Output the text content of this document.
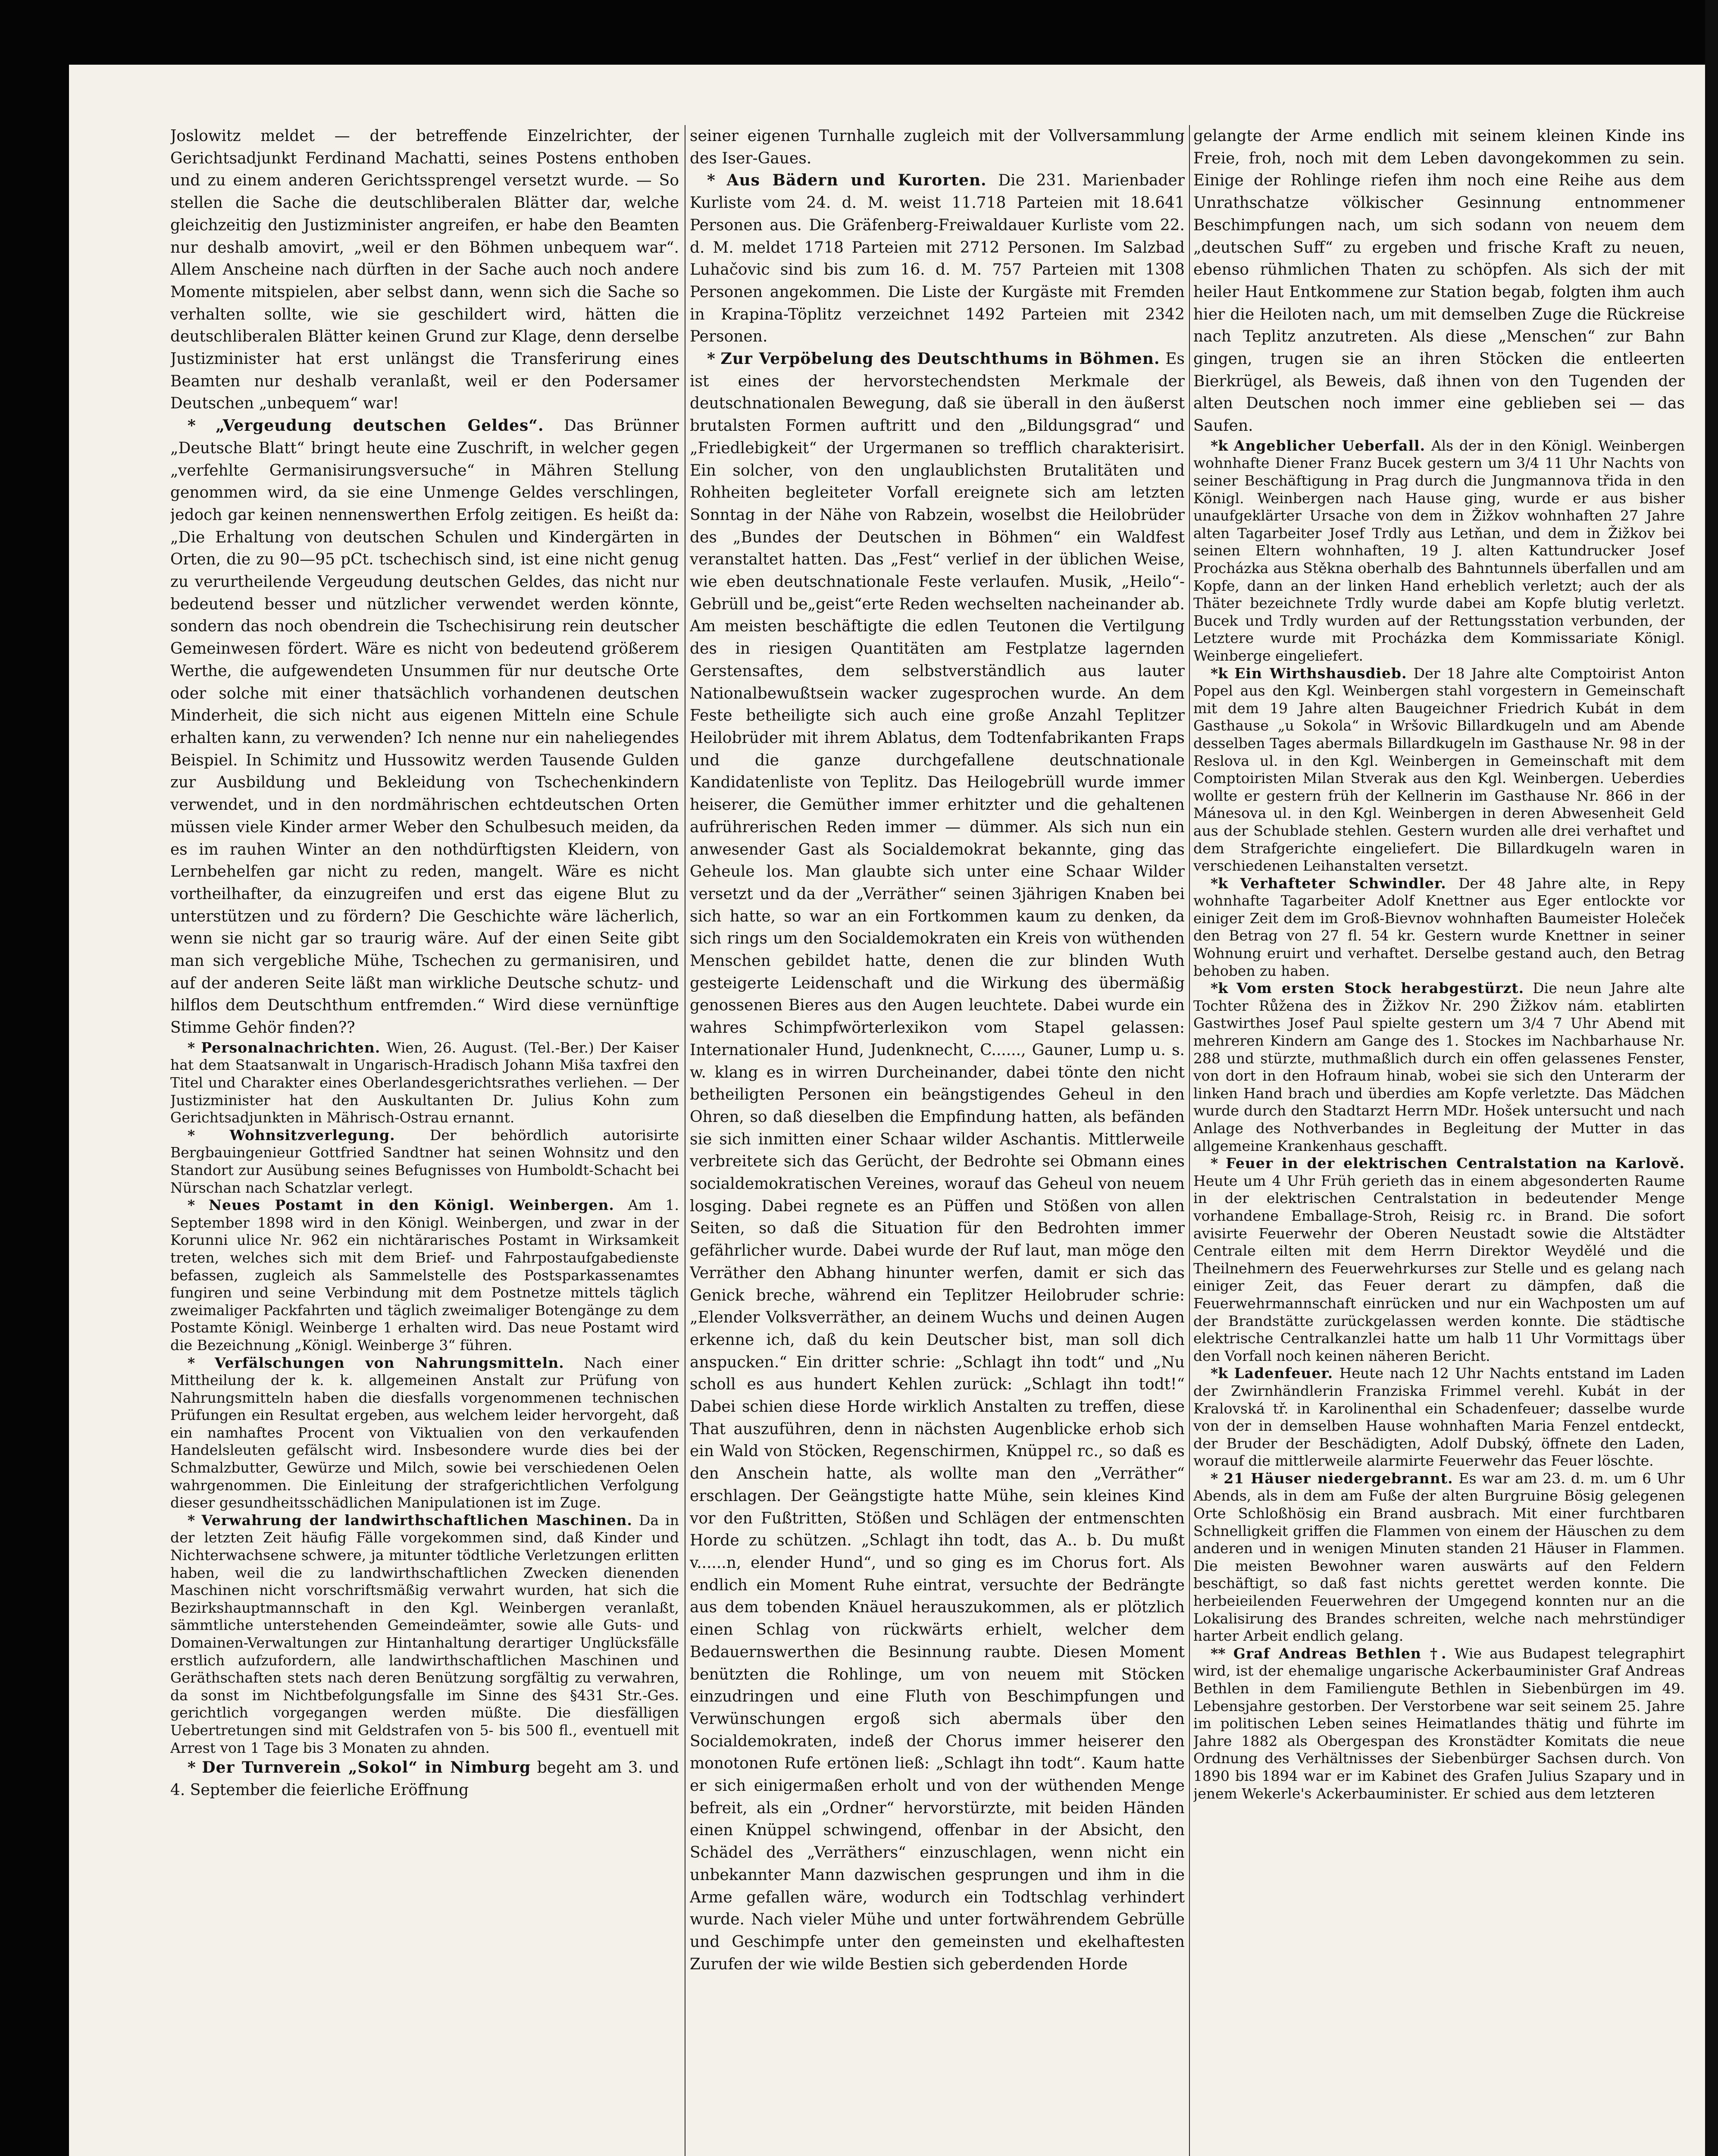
Joslowitz meldet — der betreffende Einzelrichter, der Gerichtsadjunkt Ferdinand Machatti, seines Postens enthoben und zu einem anderen Gerichtssprengel versetzt wurde. — So stellen die Sache die deutschliberalen Blätter dar, welche gleichzeitig den Justizminister angreifen, er habe den Beamten nur deshalb amovirt, „weil er den Böhmen unbequem war“. Allem Anscheine nach dürften in der Sache auch noch andere Momente mitspielen, aber selbst dann, wenn sich die Sache so verhalten sollte, wie sie geschildert wird, hätten die deutschliberalen Blätter keinen Grund zur Klage, denn derselbe Justizminister hat erst unlängst die Transferirung eines Beamten nur deshalb veranlaßt, weil er den Podersamer Deutschen „unbequem“ war!

* „Vergeudung deutschen Geldes“. Das Brünner „Deutsche Blatt“ bringt heute eine Zuschrift, in welcher gegen „verfehlte Germanisirungsversuche“ in Mähren Stellung genommen wird, da sie eine Unmenge Geldes verschlingen, jedoch gar keinen nennenswerthen Erfolg zeitigen. Es heißt da: „Die Erhaltung von deutschen Schulen und Kindergärten in Orten, die zu 90—95 pCt. tschechisch sind, ist eine nicht genug zu verurtheilende Vergeudung deutschen Geldes, das nicht nur bedeutend besser und nützlicher verwendet werden könnte, sondern das noch obendrein die Tschechisirung rein deutscher Gemeinwesen fördert. Wäre es nicht von bedeutend größerem Werthe, die aufgewendeten Unsummen für nur deutsche Orte oder solche mit einer thatsächlich vorhandenen deutschen Minderheit, die sich nicht aus eigenen Mitteln eine Schule erhalten kann, zu verwenden? Ich nenne nur ein naheliegendes Beispiel. In Schimitz und Hussowitz werden Tausende Gulden zur Ausbildung und Bekleidung von Tschechenkindern verwendet, und in den nordmährischen echtdeutschen Orten müssen viele Kinder armer Weber den Schulbesuch meiden, da es im rauhen Winter an den nothdürftigsten Kleidern, von Lernbehelfen gar nicht zu reden, mangelt. Wäre es nicht vortheilhafter, da einzugreifen und erst das eigene Blut zu unterstützen und zu fördern? Die Geschichte wäre lächerlich, wenn sie nicht gar so traurig wäre. Auf der einen Seite gibt man sich vergebliche Mühe, Tschechen zu germanisiren, und auf der anderen Seite läßt man wirkliche Deutsche schutz- und hilflos dem Deutschthum entfremden.“ Wird diese vernünftige Stimme Gehör finden??

* Personalnachrichten. Wien, 26. August. (Tel.-Ber.) Der Kaiser hat dem Staatsanwalt in Ungarisch-Hradisch Johann Miša taxfrei den Titel und Charakter eines Oberlandesgerichtsrathes verliehen. — Der Justizminister hat den Auskultanten Dr. Julius Kohn zum Gerichtsadjunkten in Mährisch-Ostrau ernannt.

* Wohnsitzverlegung. Der behördlich autorisirte Bergbauingenieur Gottfried Sandtner hat seinen Wohnsitz und den Standort zur Ausübung seines Befugnisses von Humboldt-Schacht bei Nürschan nach Schatzlar verlegt.

* Neues Postamt in den Königl. Weinbergen. Am 1. September 1898 wird in den Königl. Weinbergen, und zwar in der Korunni ulice Nr. 962 ein nichtärarisches Postamt in Wirksamkeit treten, welches sich mit dem Brief- und Fahrpostaufgabedienste befassen, zugleich als Sammelstelle des Postsparkassenamtes fungiren und seine Verbindung mit dem Postnetze mittels täglich zweimaliger Packfahrten und täglich zweimaliger Botengänge zu dem Postamte Königl. Weinberge 1 erhalten wird. Das neue Postamt wird die Bezeichnung „Königl. Weinberge 3“ führen.

* Verfälschungen von Nahrungsmitteln. Nach einer Mittheilung der k. k. allgemeinen Anstalt zur Prüfung von Nahrungsmitteln haben die diesfalls vorgenommenen technischen Prüfungen ein Resultat ergeben, aus welchem leider hervorgeht, daß ein namhaftes Procent von Viktualien von den verkaufenden Handelsleuten gefälscht wird. Insbesondere wurde dies bei der Schmalzbutter, Gewürze und Milch, sowie bei verschiedenen Oelen wahrgenommen. Die Einleitung der strafgerichtlichen Verfolgung dieser gesundheitsschädlichen Manipulationen ist im Zuge.

* Verwahrung der landwirthschaftlichen Maschinen. Da in der letzten Zeit häufig Fälle vorgekommen sind, daß Kinder und Nichterwachsene schwere, ja mitunter tödtliche Verletzungen erlitten haben, weil die zu landwirthschaftlichen Zwecken dienenden Maschinen nicht vorschriftsmäßig verwahrt wurden, hat sich die Bezirkshauptmannschaft in den Kgl. Weinbergen veranlaßt, sämmtliche unterstehenden Gemeindeämter, sowie alle Guts- und Domainen-Verwaltungen zur Hintanhaltung derartiger Unglücksfälle erstlich aufzufordern, alle landwirthschaftlichen Maschinen und Geräthschaften stets nach deren Benützung sorgfältig zu verwahren, da sonst im Nichtbefolgungsfalle im Sinne des §431 Str.-Ges. gerichtlich vorgegangen werden müßte. Die diesfälligen Uebertretungen sind mit Geldstrafen von 5- bis 500 fl., eventuell mit Arrest von 1 Tage bis 3 Monaten zu ahnden.

* Der Turnverein „Sokol“ in Nimburg begeht am 3. und 4. September die feierliche Eröffnung

seiner eigenen Turnhalle zugleich mit der Vollversammlung des Iser-Gaues.

* Aus Bädern und Kurorten. Die 231. Marienbader Kurliste vom 24. d. M. weist 11.718 Parteien mit 18.641 Personen aus. Die Gräfenberg-Freiwaldauer Kurliste vom 22. d. M. meldet 1718 Parteien mit 2712 Personen. Im Salzbad Luhačovic sind bis zum 16. d. M. 757 Parteien mit 1308 Personen angekommen. Die Liste der Kurgäste mit Fremden in Krapina-Töplitz verzeichnet 1492 Parteien mit 2342 Personen.

* Zur Verpöbelung des Deutschthums in Böhmen. Es ist eines der hervorstechendsten Merkmale der deutschnationalen Bewegung, daß sie überall in den äußerst brutalsten Formen auftritt und den „Bildungsgrad“ und „Friedlebigkeit“ der Urgermanen so trefflich charakterisirt. Ein solcher, von den unglaublichsten Brutalitäten und Rohheiten begleiteter Vorfall ereignete sich am letzten Sonntag in der Nähe von Rabzein, woselbst die Heilobrüder des „Bundes der Deutschen in Böhmen“ ein Waldfest veranstaltet hatten. Das „Fest“ verlief in der üblichen Weise, wie eben deutschnationale Feste verlaufen. Musik, „Heilo“-Gebrüll und be„geist“erte Reden wechselten nacheinander ab. Am meisten beschäftigte die edlen Teutonen die Vertilgung des in riesigen Quantitäten am Festplatze lagernden Gerstensaftes, dem selbstverständlich aus lauter Nationalbewußtsein wacker zugesprochen wurde. An dem Feste betheiligte sich auch eine große Anzahl Teplitzer Heilobrüder mit ihrem Ablatus, dem Todtenfabrikanten Fraps und die ganze durchgefallene deutschnationale Kandidatenliste von Teplitz. Das Heilogebrüll wurde immer heiserer, die Gemüther immer erhitzter und die gehaltenen aufrührerischen Reden immer — dümmer. Als sich nun ein anwesender Gast als Socialdemokrat bekannte, ging das Geheule los. Man glaubte sich unter eine Schaar Wilder versetzt und da der „Verräther“ seinen 3jährigen Knaben bei sich hatte, so war an ein Fortkommen kaum zu denken, da sich rings um den Socialdemokraten ein Kreis von wüthenden Menschen gebildet hatte, denen die zur blinden Wuth gesteigerte Leidenschaft und die Wirkung des übermäßig genossenen Bieres aus den Augen leuchtete. Dabei wurde ein wahres Schimpfwörterlexikon vom Stapel gelassen: Internationaler Hund, Judenknecht, C......, Gauner, Lump u. s. w. klang es in wirren Durcheinander, dabei tönte den nicht betheiligten Personen ein beängstigendes Geheul in den Ohren, so daß dieselben die Empfindung hatten, als befänden sie sich inmitten einer Schaar wilder Aschantis. Mittlerweile verbreitete sich das Gerücht, der Bedrohte sei Obmann eines socialdemokratischen Vereines, worauf das Geheul von neuem losging. Dabei regnete es an Püffen und Stößen von allen Seiten, so daß die Situation für den Bedrohten immer gefährlicher wurde. Dabei wurde der Ruf laut, man möge den Verräther den Abhang hinunter werfen, damit er sich das Genick breche, während ein Teplitzer Heilobruder schrie: „Elender Volksverräther, an deinem Wuchs und deinen Augen erkenne ich, daß du kein Deutscher bist, man soll dich anspucken.“ Ein dritter schrie: „Schlagt ihn todt“ und „Nu scholl es aus hundert Kehlen zurück: „Schlagt ihn todt!“ Dabei schien diese Horde wirklich Anstalten zu treffen, diese That auszuführen, denn in nächsten Augenblicke erhob sich ein Wald von Stöcken, Regenschirmen, Knüppel rc., so daß es den Anschein hatte, als wollte man den „Verräther“ erschlagen. Der Geängstigte hatte Mühe, sein kleines Kind vor den Fußtritten, Stößen und Schlägen der entmenschten Horde zu schützen. „Schlagt ihn todt, das A.. b. Du mußt v......n, elender Hund“, und so ging es im Chorus fort. Als endlich ein Moment Ruhe eintrat, versuchte der Bedrängte aus dem tobenden Knäuel herauszukommen, als er plötzlich einen Schlag von rückwärts erhielt, welcher dem Bedauernswerthen die Besinnung raubte. Diesen Moment benützten die Rohlinge, um von neuem mit Stöcken einzudringen und eine Fluth von Beschimpfungen und Verwünschungen ergoß sich abermals über den Socialdemokraten, indeß der Chorus immer heiserer den monotonen Rufe ertönen ließ: „Schlagt ihn todt“. Kaum hatte er sich einigermaßen erholt und von der wüthenden Menge befreit, als ein „Ordner“ hervorstürzte, mit beiden Händen einen Knüppel schwingend, offenbar in der Absicht, den Schädel des „Verräthers“ einzuschlagen, wenn nicht ein unbekannter Mann dazwischen gesprungen und ihm in die Arme gefallen wäre, wodurch ein Todtschlag verhindert wurde. Nach vieler Mühe und unter fortwährendem Gebrülle und Geschimpfe unter den gemeinsten und ekelhaftesten Zurufen der wie wilde Bestien sich geberdenden Horde

gelangte der Arme endlich mit seinem kleinen Kinde ins Freie, froh, noch mit dem Leben davongekommen zu sein. Einige der Rohlinge riefen ihm noch eine Reihe aus dem Unrathschatze völkischer Gesinnung entnommener Beschimpfungen nach, um sich sodann von neuem dem „deutschen Suff“ zu ergeben und frische Kraft zu neuen, ebenso rühmlichen Thaten zu schöpfen. Als sich der mit heiler Haut Entkommene zur Station begab, folgten ihm auch hier die Heiloten nach, um mit demselben Zuge die Rückreise nach Teplitz anzutreten. Als diese „Menschen“ zur Bahn gingen, trugen sie an ihren Stöcken die entleerten Bierkrügel, als Beweis, daß ihnen von den Tugenden der alten Deutschen noch immer eine geblieben sei — das Saufen.

*k Angeblicher Ueberfall. Als der in den Königl. Weinbergen wohnhafte Diener Franz Bucek gestern um 3/4 11 Uhr Nachts von seiner Beschäftigung in Prag durch die Jungmannova třida in den Königl. Weinbergen nach Hause ging, wurde er aus bisher unaufgeklärter Ursache von dem in Žižkov wohnhaften 27 Jahre alten Tagarbeiter Josef Trdly aus Letňan, und dem in Žižkov bei seinen Eltern wohnhaften, 19 J. alten Kattundrucker Josef Procházka aus Stěkna oberhalb des Bahntunnels überfallen und am Kopfe, dann an der linken Hand erheblich verletzt; auch der als Thäter bezeichnete Trdly wurde dabei am Kopfe blutig verletzt. Bucek und Trdly wurden auf der Rettungsstation verbunden, der Letztere wurde mit Procházka dem Kommissariate Königl. Weinberge eingeliefert.

*k Ein Wirthshausdieb. Der 18 Jahre alte Comptoirist Anton Popel aus den Kgl. Weinbergen stahl vorgestern in Gemeinschaft mit dem 19 Jahre alten Baugeichner Friedrich Kubát in dem Gasthause „u Sokola“ in Wršovic Billardkugeln und am Abende desselben Tages abermals Billardkugeln im Gasthause Nr. 98 in der Reslova ul. in den Kgl. Weinbergen in Gemeinschaft mit dem Comptoiristen Milan Stverak aus den Kgl. Weinbergen. Ueberdies wollte er gestern früh der Kellnerin im Gasthause Nr. 866 in der Mánesova ul. in den Kgl. Weinbergen in deren Abwesenheit Geld aus der Schublade stehlen. Gestern wurden alle drei verhaftet und dem Strafgerichte eingeliefert. Die Billardkugeln waren in verschiedenen Leihanstalten versetzt.

*k Verhafteter Schwindler. Der 48 Jahre alte, in Repy wohnhafte Tagarbeiter Adolf Knettner aus Eger entlockte vor einiger Zeit dem im Groß-Bievnov wohnhaften Baumeister Holeček den Betrag von 27 fl. 54 kr. Gestern wurde Knettner in seiner Wohnung eruirt und verhaftet. Derselbe gestand auch, den Betrag behoben zu haben.

*k Vom ersten Stock herabgestürzt. Die neun Jahre alte Tochter Růžena des in Žižkov Nr. 290 Žižkov nám. etablirten Gastwirthes Josef Paul spielte gestern um 3/4 7 Uhr Abend mit mehreren Kindern am Gange des 1. Stockes im Nachbarhause Nr. 288 und stürzte, muthmaßlich durch ein offen gelassenes Fenster, von dort in den Hofraum hinab, wobei sie sich den Unterarm der linken Hand brach und überdies am Kopfe verletzte. Das Mädchen wurde durch den Stadtarzt Herrn MDr. Hošek untersucht und nach Anlage des Nothverbandes in Begleitung der Mutter in das allgemeine Krankenhaus geschafft.

* Feuer in der elektrischen Centralstation na Karlově. Heute um 4 Uhr Früh gerieth das in einem abgesonderten Raume in der elektrischen Centralstation in bedeutender Menge vorhandene Emballage-Stroh, Reisig rc. in Brand. Die sofort avisirte Feuerwehr der Oberen Neustadt sowie die Altstädter Centrale eilten mit dem Herrn Direktor Weydělé und die Theilnehmern des Feuerwehrkurses zur Stelle und es gelang nach einiger Zeit, das Feuer derart zu dämpfen, daß die Feuerwehrmannschaft einrücken und nur ein Wachposten um auf der Brandstätte zurückgelassen werden konnte. Die städtische elektrische Centralkanzlei hatte um halb 11 Uhr Vormittags über den Vorfall noch keinen näheren Bericht.

*k Ladenfeuer. Heute nach 12 Uhr Nachts entstand im Laden der Zwirnhändlerin Franziska Frimmel verehl. Kubát in der Kralovská tř. in Karolinenthal ein Schadenfeuer; dasselbe wurde von der in demselben Hause wohnhaften Maria Fenzel entdeckt, der Bruder der Beschädigten, Adolf Dubský, öffnete den Laden, worauf die mittlerweile alarmirte Feuerwehr das Feuer löschte.

* 21 Häuser niedergebrannt. Es war am 23. d. m. um 6 Uhr Abends, als in dem am Fuße der alten Burgruine Bösig gelegenen Orte Schloßhösig ein Brand ausbrach. Mit einer furchtbaren Schnelligkeit griffen die Flammen von einem der Häuschen zu dem anderen und in wenigen Minuten standen 21 Häuser in Flammen. Die meisten Bewohner waren auswärts auf den Feldern beschäftigt, so daß fast nichts gerettet werden konnte. Die herbeieilenden Feuerwehren der Umgegend konnten nur an die Lokalisirung des Brandes schreiten, welche nach mehrstündiger harter Arbeit endlich gelang.

** Graf Andreas Bethlen †. Wie aus Budapest telegraphirt wird, ist der ehemalige ungarische Ackerbauminister Graf Andreas Bethlen in dem Familiengute Bethlen in Siebenbürgen im 49. Lebensjahre gestorben. Der Verstorbene war seit seinem 25. Jahre im politischen Leben seines Heimatlandes thätig und führte im Jahre 1882 als Obergespan des Kronstädter Komitats die neue Ordnung des Verhältnisses der Siebenbürger Sachsen durch. Von 1890 bis 1894 war er im Kabinet des Grafen Julius Szapary und in jenem Wekerle's Ackerbauminister. Er schied aus dem letzteren
